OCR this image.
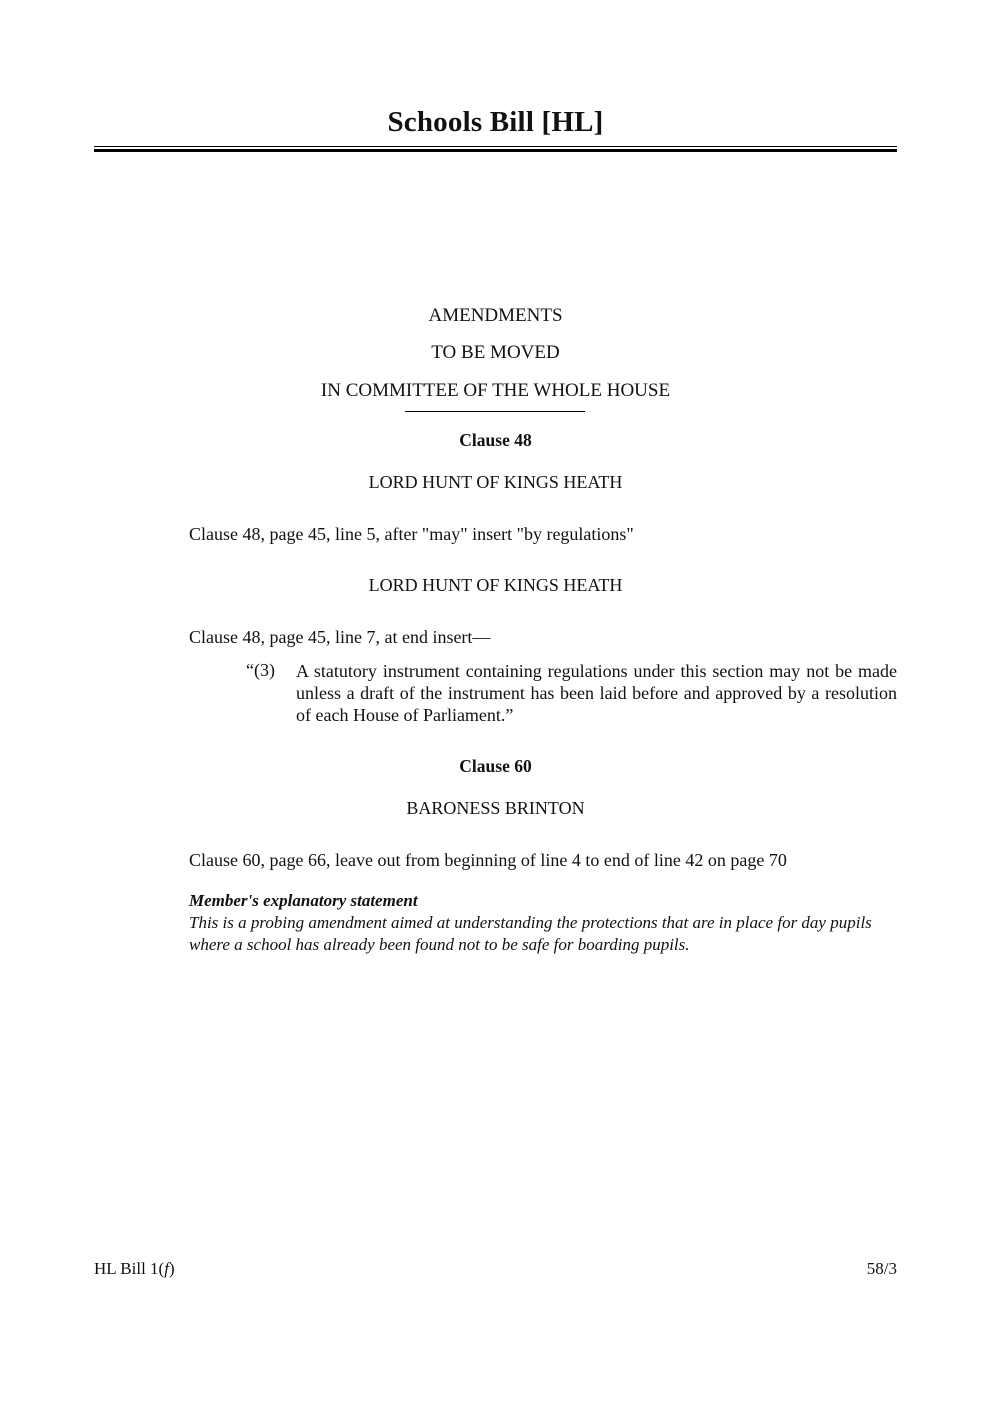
Schools Bill [HL]
AMENDMENTS
TO BE MOVED
IN COMMITTEE OF THE WHOLE HOUSE
Clause 48
LORD HUNT OF KINGS HEATH
Clause 48, page 45, line 5, after "may" insert "by regulations"
LORD HUNT OF KINGS HEATH
Clause 48, page 45, line 7, at end insert—
“(3) A statutory instrument containing regulations under this section may not be made unless a draft of the instrument has been laid before and approved by a resolution of each House of Parliament.”
Clause 60
BARONESS BRINTON
Clause 60, page 66, leave out from beginning of line 4 to end of line 42 on page 70
Member's explanatory statement
This is a probing amendment aimed at understanding the protections that are in place for day pupils where a school has already been found not to be safe for boarding pupils.
HL Bill 1(f)	58/3
